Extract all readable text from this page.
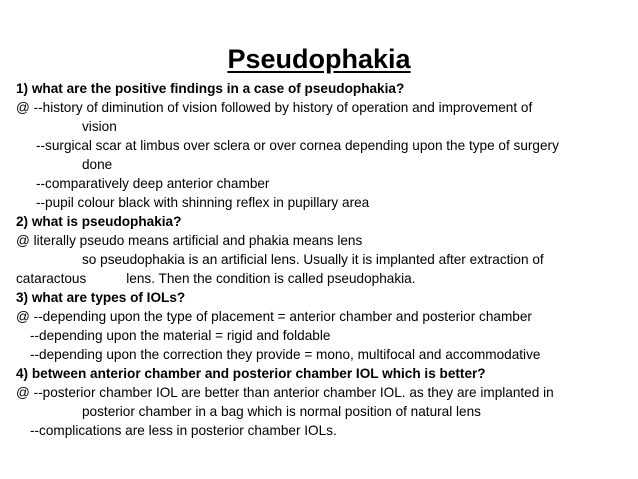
Pseudophakia
1) what are the positive findings in a case of pseudophakia?
@ --history of diminution of vision followed by history of operation and improvement of
vision
--surgical scar at limbus over sclera or over cornea depending upon the type of surgery
done
--comparatively deep anterior chamber
--pupil colour black with shinning reflex in pupillary area
2) what is pseudophakia?
@ literally pseudo means artificial and phakia means lens
so pseudophakia is an artificial lens. Usually it is implanted after extraction of
cataractous	lens. Then the condition is called pseudophakia.
3) what are types of IOLs?
@ --depending upon the type of placement = anterior chamber and posterior chamber
--depending upon the material = rigid and foldable
--depending upon the correction they provide = mono, multifocal and accommodative
4) between anterior chamber and posterior chamber IOL which is better?
@ --posterior chamber IOL are better than anterior chamber IOL. as they are implanted in
posterior chamber in a bag which is normal position of natural lens
--complications are less in posterior chamber IOLs.
